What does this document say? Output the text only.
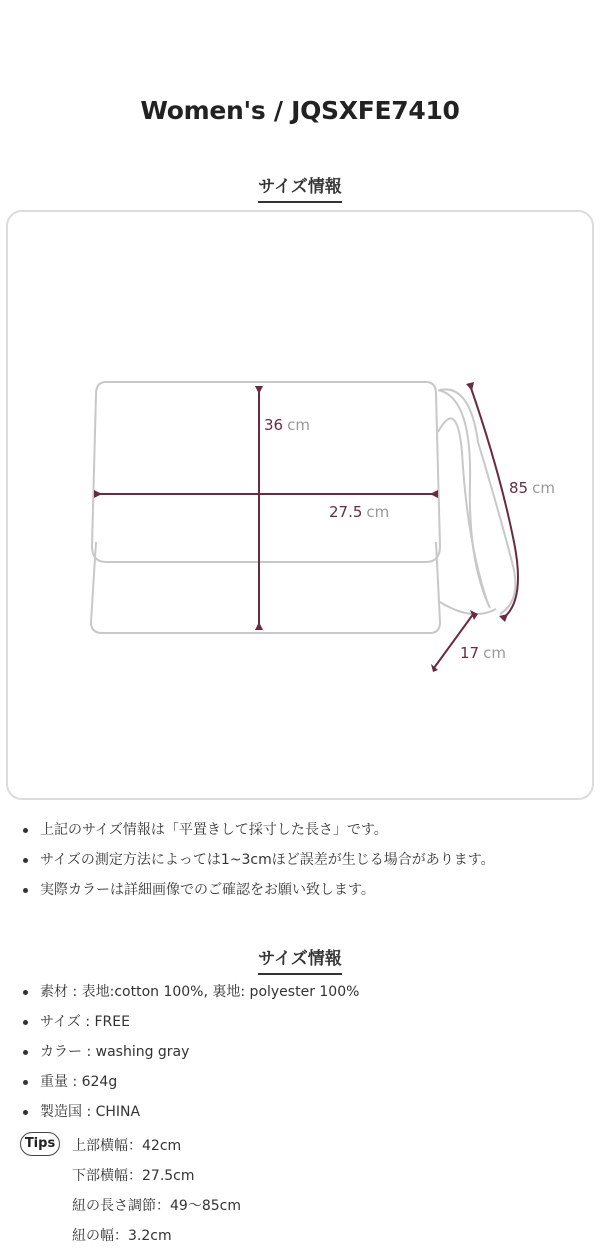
Women's / JQSXFE7410
サイズ情報
36 cm
27.5 cm
85 cm
17 cm
上記のサイズ情報は「平置きして採寸した長さ」です。
サイズの測定方法によっては1~3cmほど誤差が生じる場合があります。
実際カラーは詳細画像でのご確認をお願い致します。
サイズ情報
素材 : 表地:cotton 100%, 裏地: polyester 100%
サイズ : FREE
カラー : washing gray
重量 : 624g
製造国 : CHINA
Tips	上部横幅：42cm
下部横幅：27.5cm
紐の長さ調節：49〜85cm
紐の幅：3.2cm
